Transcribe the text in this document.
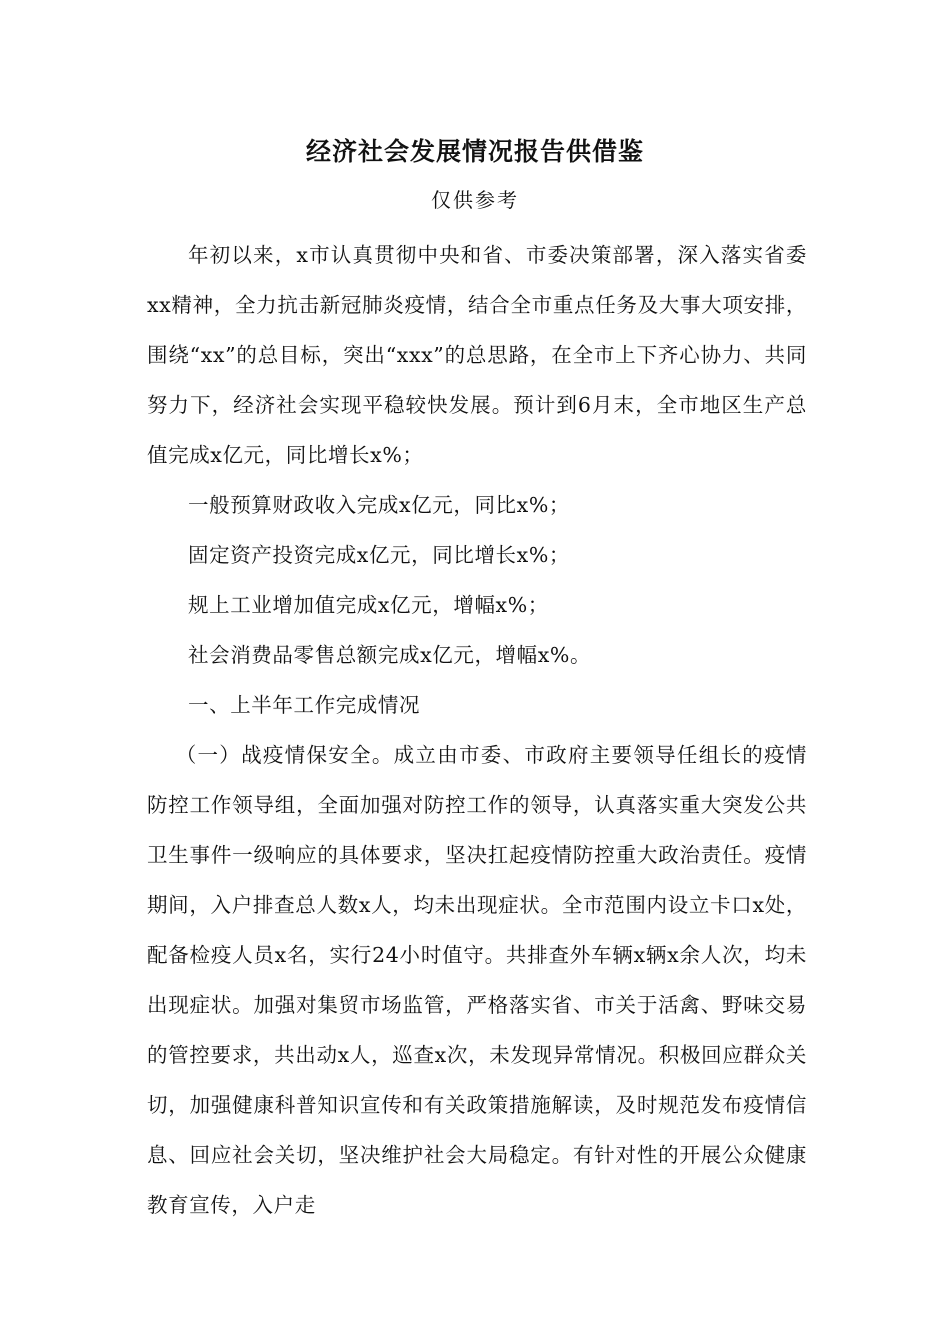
经济社会发展情况报告供借鉴
仅供参考

年初以来，x市认真贯彻中央和省、市委决策部署，深入落实省委xx精神，全力抗击新冠肺炎疫情，结合全市重点任务及大事大项安排，围绕“xx”的总目标，突出“xxx”的总思路，在全市上下齐心协力、共同努力下，经济社会实现平稳较快发展。预计到6月末，全市地区生产总值完成x亿元，同比增长x%；

一般预算财政收入完成x亿元，同比x%；

固定资产投资完成x亿元，同比增长x%；

规上工业增加值完成x亿元，增幅x%；

社会消费品零售总额完成x亿元，增幅x%。

一、上半年工作完成情况

（一）战疫情保安全。成立由市委、市政府主要领导任组长的疫情防控工作领导组，全面加强对防控工作的领导，认真落实重大突发公共卫生事件一级响应的具体要求，坚决扛起疫情防控重大政治责任。疫情期间，入户排查总人数x人，均未出现症状。全市范围内设立卡口x处，配备检疫人员x名，实行24小时值守。共排查外车辆x辆x余人次，均未出现症状。加强对集贸市场监管，严格落实省、市关于活禽、野味交易的管控要求，共出动x人，巡查x次，未发现异常情况。积极回应群众关切，加强健康科普知识宣传和有关政策措施解读，及时规范发布疫情信息、回应社会关切，坚决维护社会大局稳定。有针对性的开展公众健康教育宣传，入户走
